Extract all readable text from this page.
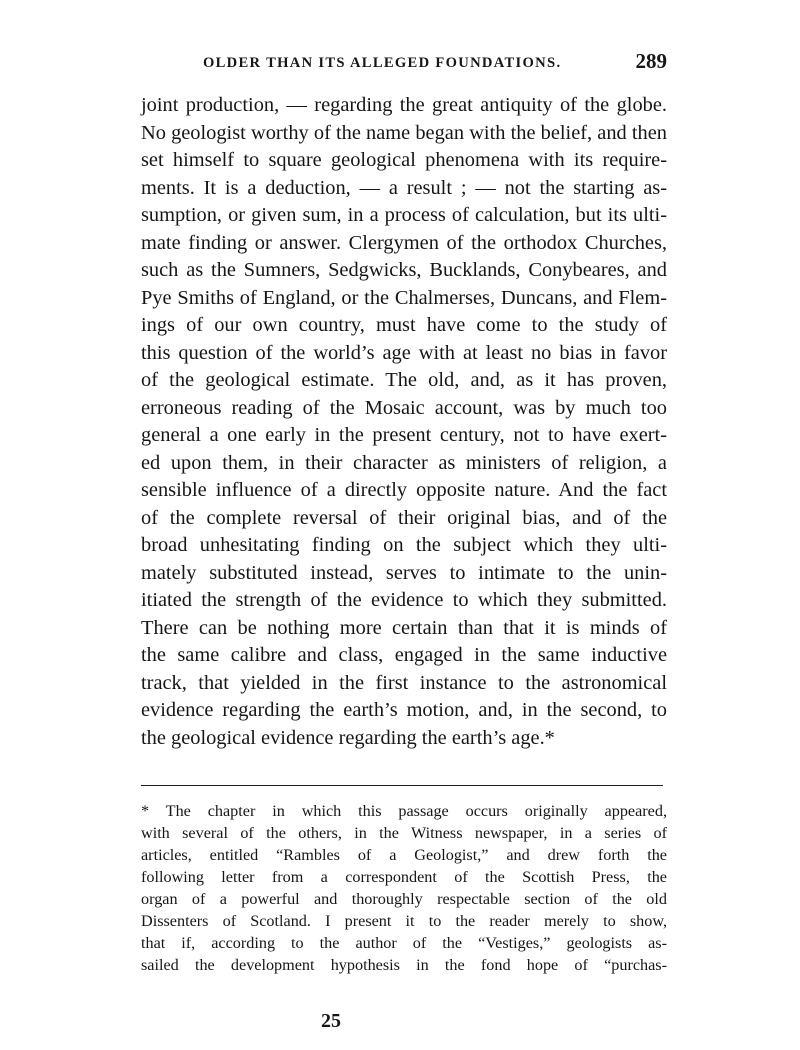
OLDER THAN ITS ALLEGED FOUNDATIONS.	289
joint production, — regarding the great antiquity of the globe.
No geologist worthy of the name began with the belief, and then
set himself to square geological phenomena with its require-
ments. It is a deduction, — a result ; — not the starting as-
sumption, or given sum, in a process of calculation, but its ulti-
mate finding or answer. Clergymen of the orthodox Churches,
such as the Sumners, Sedgwicks, Bucklands, Conybeares, and
Pye Smiths of England, or the Chalmerses, Duncans, and Flem-
ings of our own country, must have come to the study of
this question of the world’s age with at least no bias in favor
of the geological estimate. The old, and, as it has proven,
erroneous reading of the Mosaic account, was by much too
general a one early in the present century, not to have exert-
ed upon them, in their character as ministers of religion, a
sensible influence of a directly opposite nature. And the fact
of the complete reversal of their original bias, and of the
broad unhesitating finding on the subject which they ulti-
mately substituted instead, serves to intimate to the unin-
itiated the strength of the evidence to which they submitted.
There can be nothing more certain than that it is minds of
the same calibre and class, engaged in the same inductive
track, that yielded in the first instance to the astronomical
evidence regarding the earth’s motion, and, in the second, to
the geological evidence regarding the earth’s age.*
* The chapter in which this passage occurs originally appeared,
with several of the others, in the Witness newspaper, in a series of
articles, entitled “Rambles of a Geologist,” and drew forth the
following letter from a correspondent of the Scottish Press, the
organ of a powerful and thoroughly respectable section of the old
Dissenters of Scotland. I present it to the reader merely to show,
that if, according to the author of the “Vestiges,” geologists as-
sailed the development hypothesis in the fond hope of “purchas-
25
